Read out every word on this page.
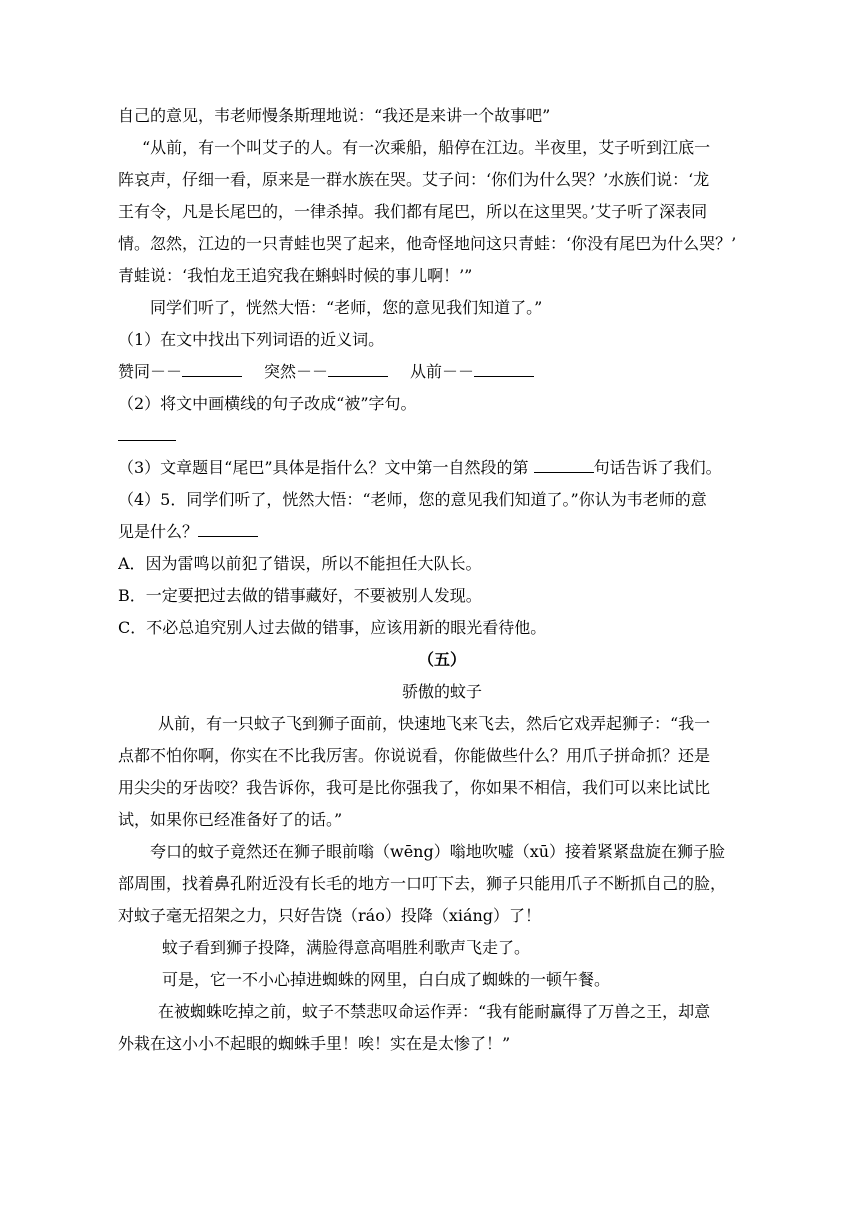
自己的意见，韦老师慢条斯理地说：“我还是来讲一个故事吧”
“从前，有一个叫艾子的人。有一次乘船，船停在江边。半夜里，艾子听到江底一
阵哀声，仔细一看，原来是一群水族在哭。艾子问：‘你们为什么哭？’水族们说：‘龙
王有令，凡是长尾巴的，一律杀掉。我们都有尾巴，所以在这里哭。’艾子听了深表同
情。忽然，江边的一只青蛙也哭了起来，他奇怪地问这只青蛙：‘你没有尾巴为什么哭？’
青蛙说：‘我怕龙王追究我在蝌蚪时候的事儿啊！’”
同学们听了，恍然大悟：“老师，您的意见我们知道了。”
（1）在文中找出下列词语的近义词。
赞同－－	突然－－	从前－－
（2）将文中画横线的句子改成“被”字句。
（3）文章题目“尾巴”具体是指什么？文中第一自然段的第	句话告诉了我们。
（4）5．同学们听了，恍然大悟：“老师，您的意见我们知道了。”你认为韦老师的意
见是什么？
A．因为雷鸣以前犯了错误，所以不能担任大队长。
B．一定要把过去做的错事藏好，不要被别人发现。
C．不必总追究别人过去做的错事，应该用新的眼光看待他。
（五）
骄傲的蚊子
从前，有一只蚊子飞到狮子面前，快速地飞来飞去，然后它戏弄起狮子：“我一
点都不怕你啊，你实在不比我厉害。你说说看，你能做些什么？用爪子拼命抓？还是
用尖尖的牙齿咬？我告诉你，我可是比你强我了，你如果不相信，我们可以来比试比
试，如果你已经准备好了的话。”
夸口的蚊子竟然还在狮子眼前嗡（wēng）嗡地吹嘘（xū）接着紧紧盘旋在狮子脸
部周围，找着鼻孔附近没有长毛的地方一口叮下去，狮子只能用爪子不断抓自己的脸，
对蚊子毫无招架之力，只好告饶（ráo）投降（xiáng）了！
蚊子看到狮子投降，满脸得意高唱胜利歌声飞走了。
可是，它一不小心掉进蜘蛛的网里，白白成了蜘蛛的一顿午餐。
在被蜘蛛吃掉之前，蚊子不禁悲叹命运作弄：“我有能耐赢得了万兽之王，却意
外栽在这小小不起眼的蜘蛛手里！唉！实在是太惨了！”
